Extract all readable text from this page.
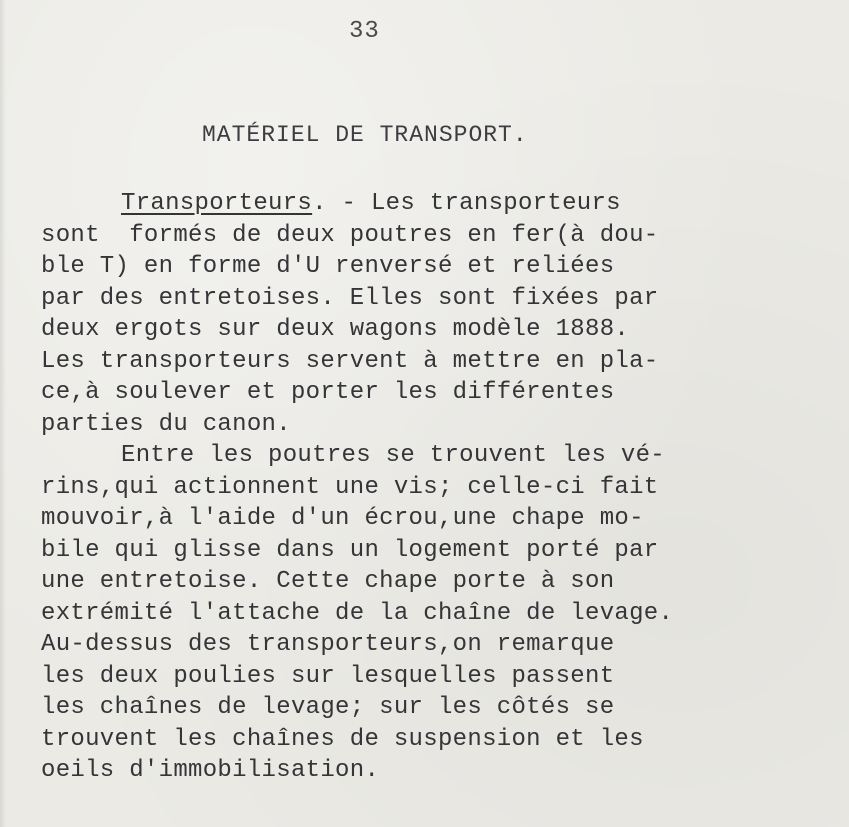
33
MATÉRIEL DE TRANSPORT.
Transporteurs. - Les transporteurs
sont  formés de deux poutres en fer(à dou-
ble T) en forme d'U renversé et reliées
par des entretoises. Elles sont fixées par
deux ergots sur deux wagons modèle 1888.
Les transporteurs servent à mettre en pla-
ce,à soulever et porter les différentes
parties du canon.
Entre les poutres se trouvent les vé-
rins,qui actionnent une vis; celle-ci fait
mouvoir,à l'aide d'un écrou,une chape mo-
bile qui glisse dans un logement porté par
une entretoise. Cette chape porte à son
extrémité l'attache de la chaîne de levage.
Au-dessus des transporteurs,on remarque
les deux poulies sur lesquelles passent
les chaînes de levage; sur les côtés se
trouvent les chaînes de suspension et les
oeils d'immobilisation.
